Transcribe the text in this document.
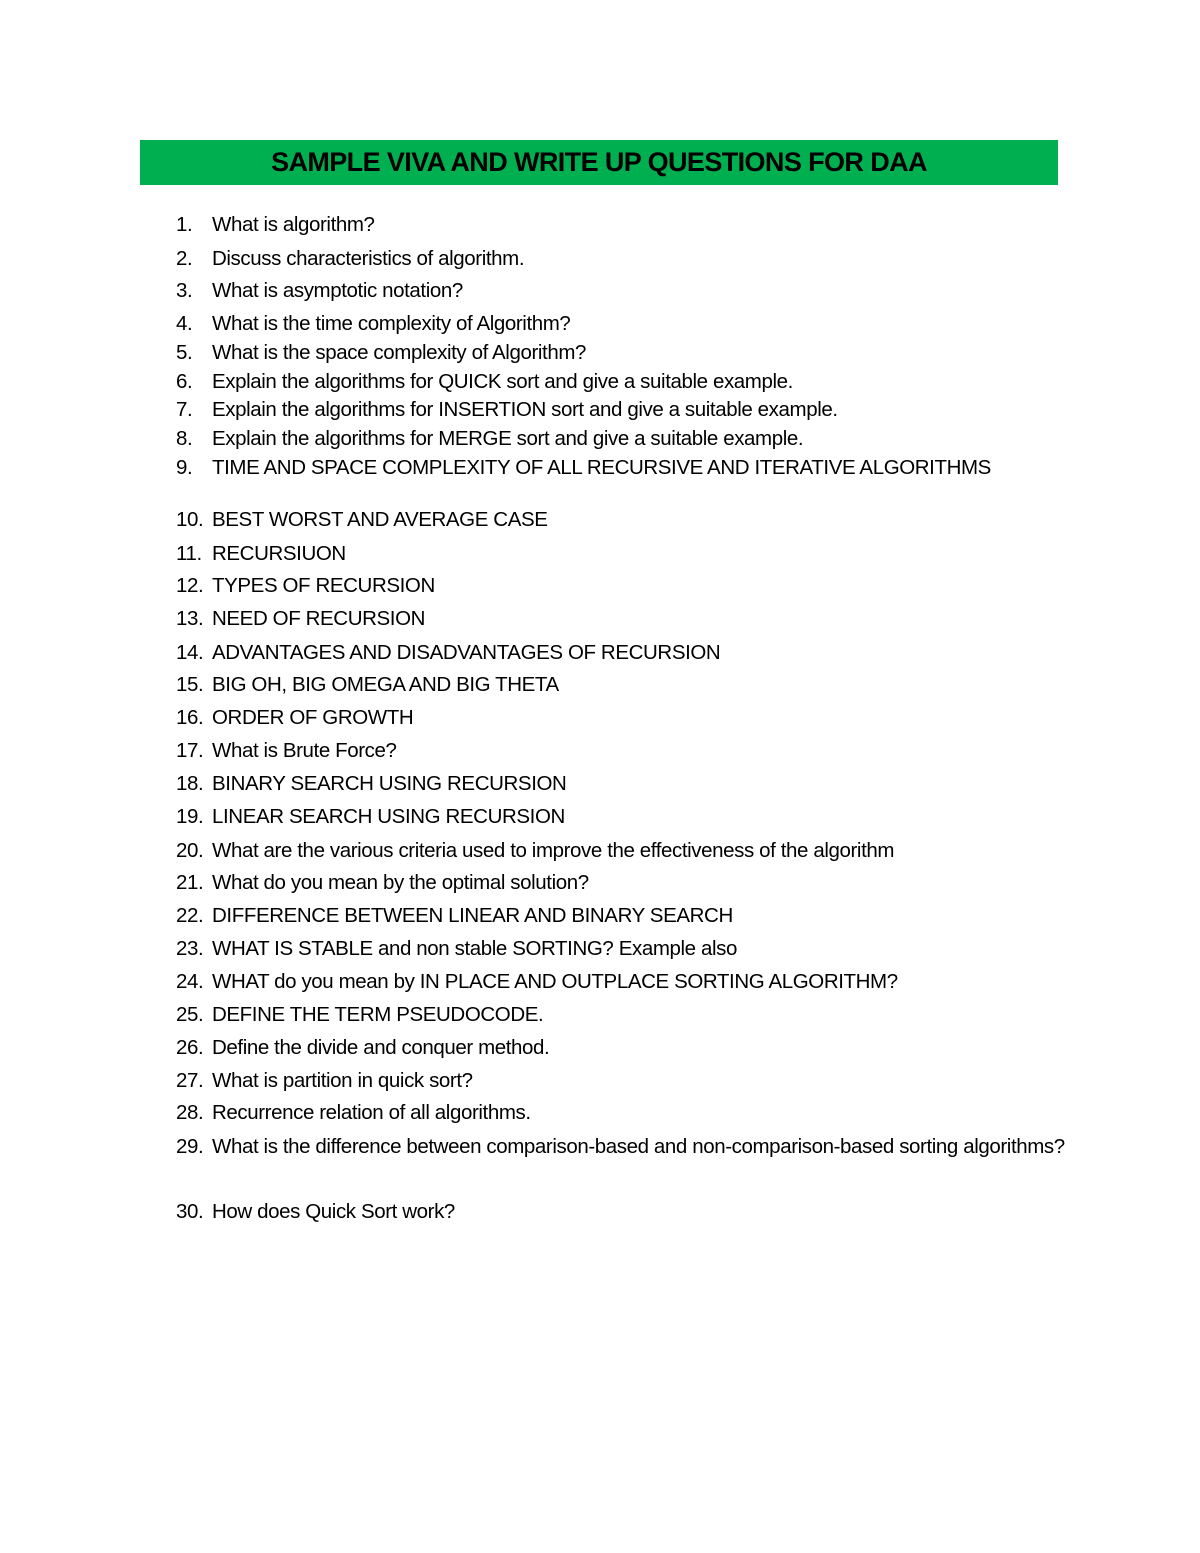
SAMPLE VIVA AND WRITE UP QUESTIONS FOR DAA
1. What is algorithm?
2. Discuss characteristics of algorithm.
3. What is asymptotic notation?
4. What is the time complexity of Algorithm?
5. What is the space complexity of Algorithm?
6. Explain the algorithms for QUICK sort and give a suitable example.
7. Explain the algorithms for INSERTION sort and give a suitable example.
8. Explain the algorithms for MERGE sort and give a suitable example.
9. TIME AND SPACE COMPLEXITY OF ALL RECURSIVE AND ITERATIVE ALGORITHMS
10. BEST WORST AND AVERAGE CASE
11. RECURSIUON
12. TYPES OF RECURSION
13. NEED OF RECURSION
14. ADVANTAGES AND DISADVANTAGES OF RECURSION
15. BIG OH, BIG OMEGA AND BIG THETA
16. ORDER OF GROWTH
17. What is Brute Force?
18. BINARY SEARCH USING RECURSION
19. LINEAR SEARCH USING RECURSION
20. What are the various criteria used to improve the effectiveness of the algorithm
21. What do you mean by the optimal solution?
22. DIFFERENCE BETWEEN LINEAR AND BINARY SEARCH
23. WHAT IS STABLE and non stable SORTING? Example also
24. WHAT do you mean by IN PLACE AND OUTPLACE SORTING ALGORITHM?
25. DEFINE THE TERM PSEUDOCODE.
26. Define the divide and conquer method.
27. What is partition in quick sort?
28. Recurrence relation of all algorithms.
29. What is the difference between comparison-based and non-comparison-based sorting algorithms?
30. How does Quick Sort work?
